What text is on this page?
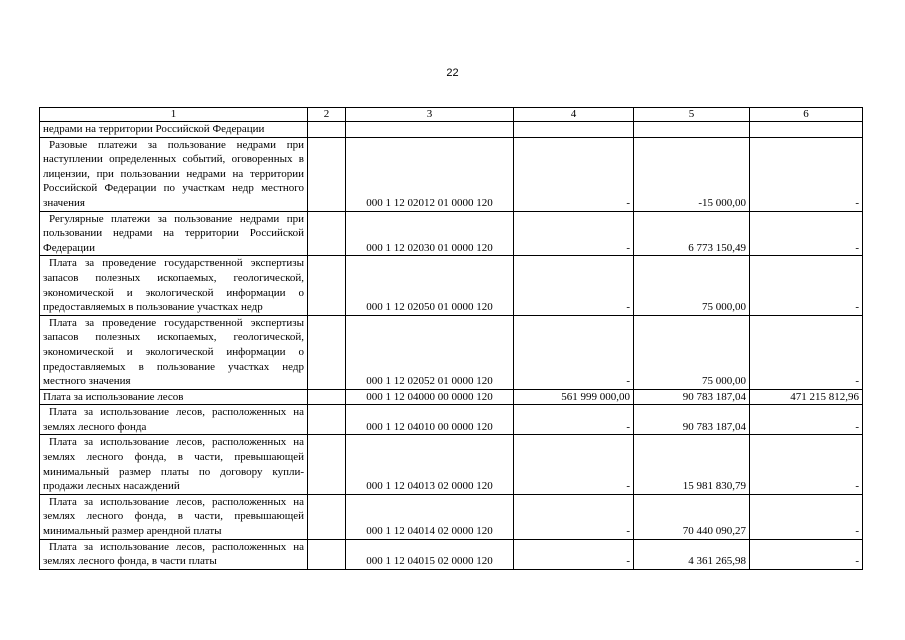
22
1	2	3	4	5	6
недрами на территории Российской Федерации					
Разовые платежи за пользование недрами при наступлении определенных событий, оговоренных в лицензии, при пользовании недрами на территории Российской Федерации по участкам недр местного значения		000 1 12 02012 01 0000 120	-	-15 000,00	-
Регулярные платежи за пользование недрами при пользовании недрами на территории Российской Федерации		000 1 12 02030 01 0000 120	-	6 773 150,49	-
Плата за проведение государственной экспертизы запасов полезных ископаемых, геологической, экономической и экологической информации о предоставляемых в пользование участках недр		000 1 12 02050 01 0000 120	-	75 000,00	-
Плата за проведение государственной экспертизы запасов полезных ископаемых, геологической, экономической и экологической информации о предоставляемых в пользование участках недр местного значения		000 1 12 02052 01 0000 120	-	75 000,00	-
Плата за использование лесов		000 1 12 04000 00 0000 120	561 999 000,00	90 783 187,04	471 215 812,96
Плата за использование лесов, расположенных на землях лесного фонда		000 1 12 04010 00 0000 120	-	90 783 187,04	-
Плата за использование лесов, расположенных на землях лесного фонда, в части, превышающей минимальный размер платы по договору купли- продажи лесных насаждений		000 1 12 04013 02 0000 120	-	15 981 830,79	-
Плата за использование лесов, расположенных на землях лесного фонда, в части, превышающей минимальный размер арендной платы		000 1 12 04014 02 0000 120	-	70 440 090,27	-
Плата за использование лесов, расположенных на землях лесного фонда, в части платы		000 1 12 04015 02 0000 120	-	4 361 265,98	-
